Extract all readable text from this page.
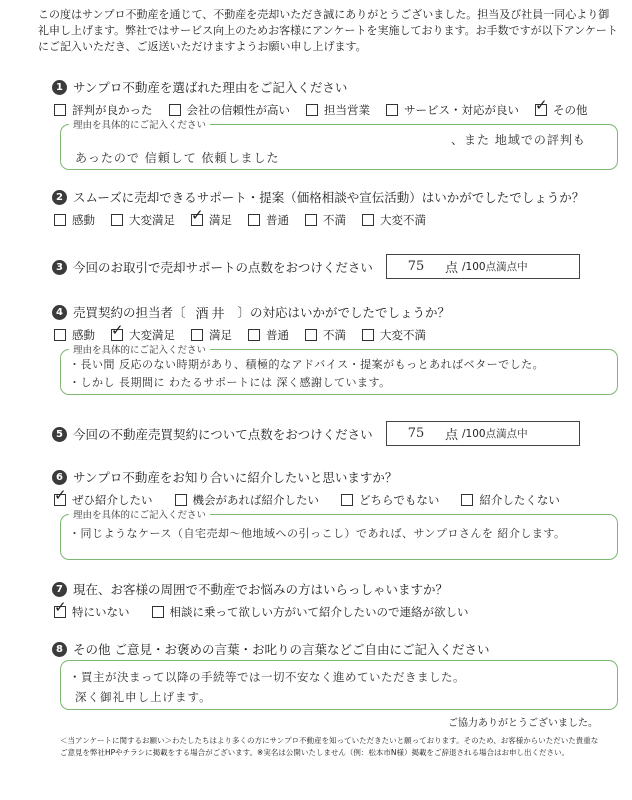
この度はサンプロ不動産を通じて、不動産を売却いただき誠にありがとうございました。担当及び社員一同心より御礼申し上げます。弊社ではサービス向上のためお客様にアンケートを実施しております。お手数ですが以下アンケートにご記入いただき、ご返送いただけますようお願い申し上げます。

1 サンプロ不動産を選ばれた理由をご記入ください
評判が良かった	会社の信頼性が高い	担当営業	サービス・対応が良い ✓	その他
理由を具体的にご記入ください
、また 地域での評判も
あったので 信頼して 依頼しました
2 スムーズに売却できるサポート・提案（価格相談や宣伝活動）はいかがでしたでしょうか？
感動	大変満足 ✓	満足	普通	不満	大変不満
3 今回のお取引で売却サポートの点数をおつけください	75	点 /100点満点中
4 売買契約の担当者〔 酒井 〕の対応はいかがでしたでしょうか？
感動 ✓	大変満足	満足	普通	不満	大変不満
理由を具体的にご記入ください
・長い間 反応のない時期があり、積極的なアドバイス・提案がもっとあればベターでした。
・しかし 長期間に わたるサポートには 深く感謝しています。
5 今回の不動産売買契約について点数をおつけください	75	点 /100点満点中
6 サンプロ不動産をお知り合いに紹介したいと思いますか？
✓
ぜひ紹介したい	機会があれば紹介したい	どちらでもない	紹介したくない
理由を具体的にご記入ください
・同じようなケース（自宅売却〜他地域への引っこし）であれば、サンプロさんを 紹介します。
7 現在、お客様の周囲で不動産でお悩みの方はいらっしゃいますか？
✓
特にいない	相談に乗って欲しい方がいて紹介したいので連絡が欲しい
8 その他 ご意見・お褒めの言葉・お叱りの言葉などご自由にご記入ください
・買主が決まって以降の手続等では一切不安なく進めていただきました。
深く御礼申し上げます。
ご協力ありがとうございました。

＜当アンケートに関するお願い＞わたしたちはより多くの方にサンプロ不動産を知っていただきたいと願っております。そのため、お客様からいただいた貴重なご意見を弊社HPやチラシに掲載をする場合がございます。※実名は公開いたしません（例：松本市N様）掲載をご辞退される場合はお申し出ください。
